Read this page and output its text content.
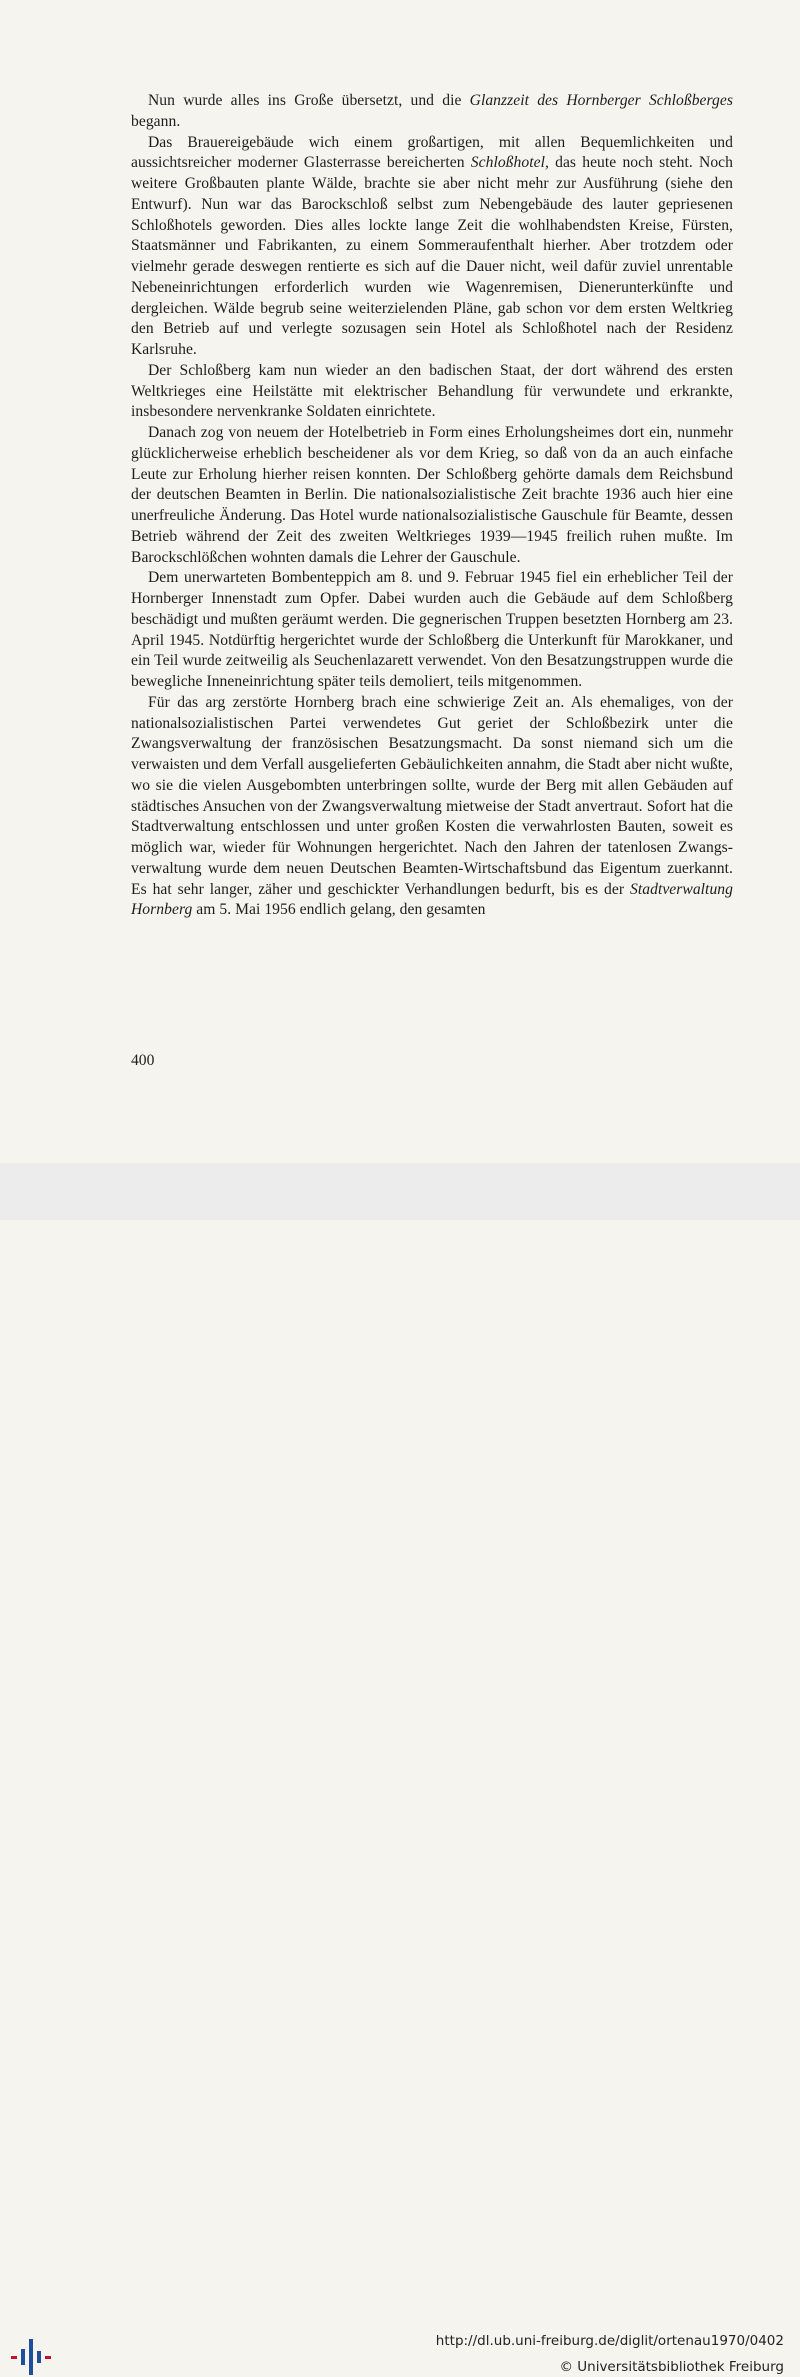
Nun wurde alles ins Große übersetzt, und die Glanzzeit des Hornberger Schloßberges begann.

Das Brauereigebäude wich einem großartigen, mit allen Bequemlichkeiten und aussichtsreicher moderner Glasterrasse bereicherten Schloßhotel, das heute noch steht. Noch weitere Großbauten plante Wälde, brachte sie aber nicht mehr zur Ausführung (siehe den Entwurf). Nun war das Barockschloß selbst zum Nebengebäude des lauter gepriesenen Schloßhotels geworden. Dies alles lockte lange Zeit die wohlhabendsten Kreise, Fürsten, Staatsmänner und Fabrikanten, zu einem Sommeraufenthalt hierher. Aber trotzdem oder vielmehr gerade deswegen rentierte es sich auf die Dauer nicht, weil dafür zuviel unrentable Nebeneinrichtungen erforderlich wurden wie Wagenremisen, Dienerunterkünfte und dergleichen. Wälde begrub seine weiterzielenden Pläne, gab schon vor dem ersten Weltkrieg den Betrieb auf und verlegte sozusagen sein Hotel als Schloßhotel nach der Residenz Karlsruhe.

Der Schloßberg kam nun wieder an den badischen Staat, der dort während des ersten Weltkrieges eine Heilstätte mit elektrischer Behandlung für verwundete und erkrankte, insbesondere nervenkranke Soldaten einrichtete.

Danach zog von neuem der Hotelbetrieb in Form eines Erholungsheimes dort ein, nunmehr glücklicherweise erheblich bescheidener als vor dem Krieg, so daß von da an auch einfache Leute zur Erholung hierher reisen konnten. Der Schloßberg gehörte damals dem Reichsbund der deutschen Beamten in Berlin. Die nationalsozialistische Zeit brachte 1936 auch hier eine unerfreuliche Änderung. Das Hotel wurde nationalsozialistische Gauschule für Beamte, dessen Betrieb während der Zeit des zweiten Weltkrieges 1939—1945 freilich ruhen mußte. Im Barockschlößchen wohnten damals die Lehrer der Gauschule.

Dem unerwarteten Bombenteppich am 8. und 9. Februar 1945 fiel ein erheblicher Teil der Hornberger Innenstadt zum Opfer. Dabei wurden auch die Gebäude auf dem Schloßberg beschädigt und mußten geräumt werden. Die gegnerischen Truppen besetzten Hornberg am 23. April 1945. Notdürftig hergerichtet wurde der Schloßberg die Unterkunft für Marokkaner, und ein Teil wurde zeitweilig als Seuchenlazarett verwendet. Von den Besatzungstruppen wurde die bewegliche Inneneinrichtung später teils demoliert, teils mitgenommen.

Für das arg zerstörte Hornberg brach eine schwierige Zeit an. Als ehemaliges, von der nationalsozialistischen Partei verwendetes Gut geriet der Schloßbezirk unter die Zwangsverwaltung der französischen Besatzungsmacht. Da sonst niemand sich um die verwaisten und dem Verfall ausgelieferten Gebäulichkeiten annahm, die Stadt aber nicht wußte, wo sie die vielen Ausgebombten unterbringen sollte, wurde der Berg mit allen Gebäuden auf städtisches Ansuchen von der Zwangsverwaltung mietweise der Stadt anvertraut. Sofort hat die Stadtverwaltung entschlossen und unter großen Kosten die verwahrlosten Bauten, soweit es möglich war, wieder für Wohnungen hergerichtet. Nach den Jahren der tatenlosen Zwangsverwaltung wurde dem neuen Deutschen Beamten-Wirtschaftsbund das Eigentum zuerkannt. Es hat sehr langer, zäher und geschickter Verhandlungen bedurft, bis es der Stadtverwaltung Hornberg am 5. Mai 1956 endlich gelang, den gesamten

400
http://dl.ub.uni-freiburg.de/diglit/ortenau1970/0402
© Universitätsbibliothek Freiburg
